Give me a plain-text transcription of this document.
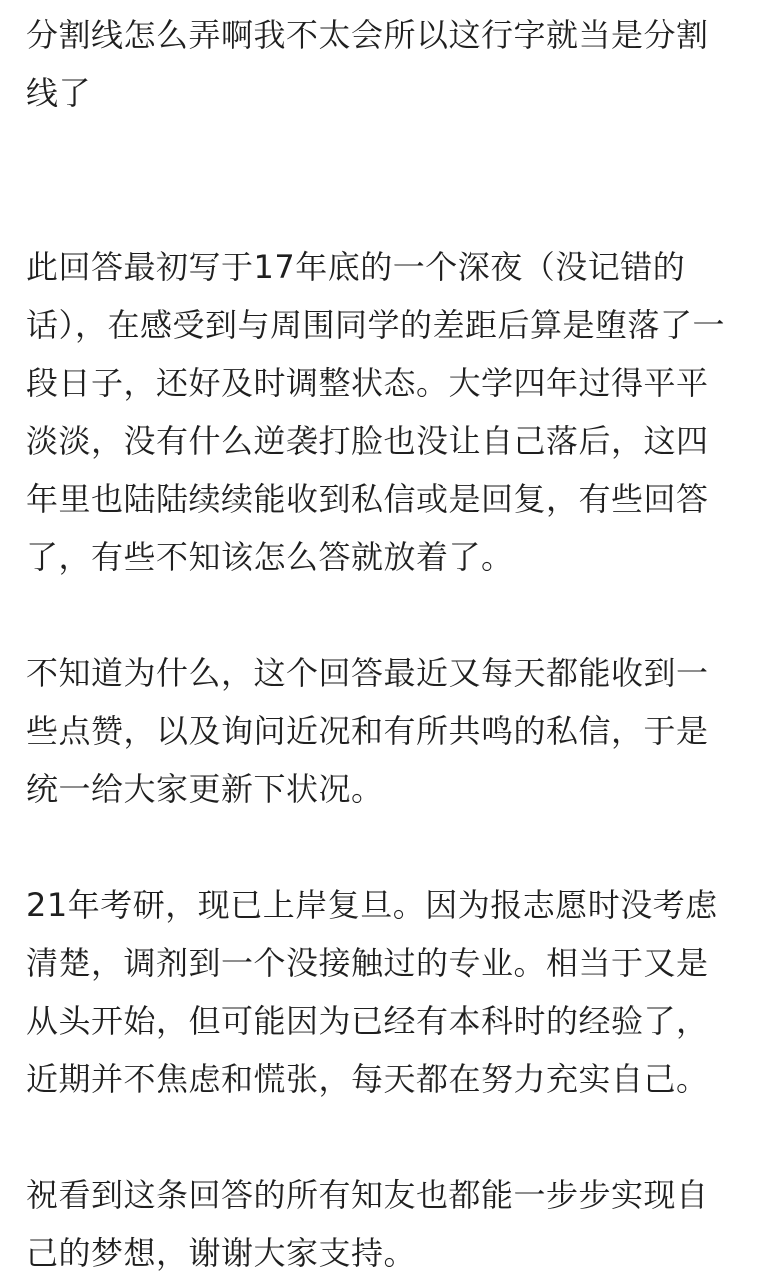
分割线怎么弄啊我不太会所以这行字就当是分割线了

此回答最初写于17年底的一个深夜（没记错的话），在感受到与周围同学的差距后算是堕落了一段日子，还好及时调整状态。大学四年过得平平淡淡，没有什么逆袭打脸也没让自己落后，这四年里也陆陆续续能收到私信或是回复，有些回答了，有些不知该怎么答就放着了。

不知道为什么，这个回答最近又每天都能收到一些点赞，以及询问近况和有所共鸣的私信，于是统一给大家更新下状况。

21年考研，现已上岸复旦。因为报志愿时没考虑清楚，调剂到一个没接触过的专业。相当于又是从头开始，但可能因为已经有本科时的经验了，近期并不焦虑和慌张，每天都在努力充实自己。

祝看到这条回答的所有知友也都能一步步实现自己的梦想，谢谢大家支持。
